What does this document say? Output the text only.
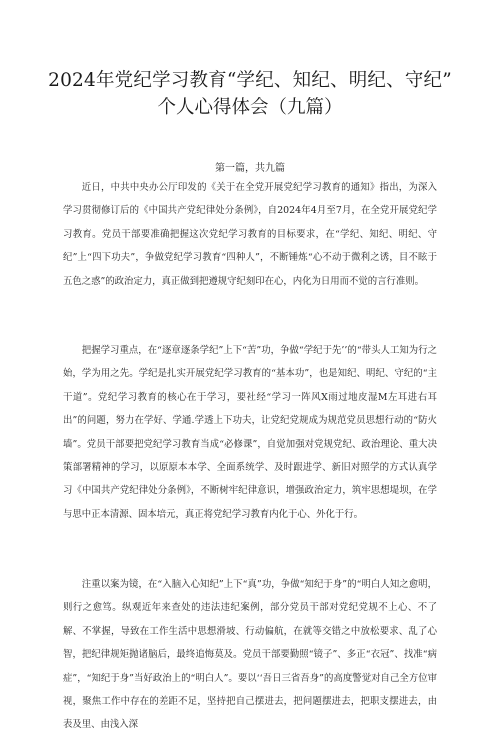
2024年党纪学习教育“学纪、知纪、明纪、守纪”
个人心得体会（九篇）
第一篇，共九篇

近日，中共中央办公厅印发的《关于在全党开展党纪学习教育的通知》指出，为深入学习贯彻修订后的《中国共产党纪律处分条例》，自2024年4月至7月，在全党开展党纪学习教育。党员干部要准确把握这次党纪学习教育的目标要求，在“学纪、知纪、明纪、守纪”上“四下功夫”，争做党纪学习教育“四种人”，不断锤炼“心不动于微利之诱，目不眩于五色之惑”的政治定力，真正做到把遵规守纪刻印在心，内化为日用而不觉的言行准则。

把握学习重点，在“逐章逐条学纪”上下“苦”功，争做“学纪于先’’的“带头人工知为行之始，学为用之先。学纪是扎实开展党纪学习教育的“基本功”，也是知纪、明纪、守纪的“主干道”。党纪学习教育的核心在于学习，要社经“学习一阵风X雨过地皮湿M左耳进右耳出”的问题，努力在学好、学通.学透上下功夫，让党纪党规成为规范党员思想行动的“防火墙”。党员干部要把党纪学习教育当成“必修课”，自觉加强对党规党纪、政治理论、重大决策部署精神的学习，以原原本本学、全面系统学、及时跟进学、新旧对照学的方式认真学习《中国共产党纪律处分条例》，不断树牢纪律意识，增强政治定力，筑牢思想堤坝，在学与思中正本清源、固本培元，真正将党纪学习教育内化于心、外化于行。

注重以案为镜，在“入脑入心知纪”上下“真”功，争做“知纪于身”的“明白人知之愈明，则行之愈笃。纵观近年来查处的违法违纪案例，部分党员干部对党纪党规不上心、不了解、不掌握，导致在工作生活中思想滑坡、行动偏航，在就等交错之中放松要求、乱了心智，把纪律规矩抛诸脑后，最终追悔莫及。党员干部要勤照“镜子”、多正“衣冠”、找准“病症”，“知纪于身”当好政治上的“明白人”。要以‘‘吾日三省吾身”的高度警觉对自己全方位审视，聚焦工作中存在的差距不足，坚持把自己摆进去，把问题摆进去，把职支摆进去，由表及里、由浅入深
